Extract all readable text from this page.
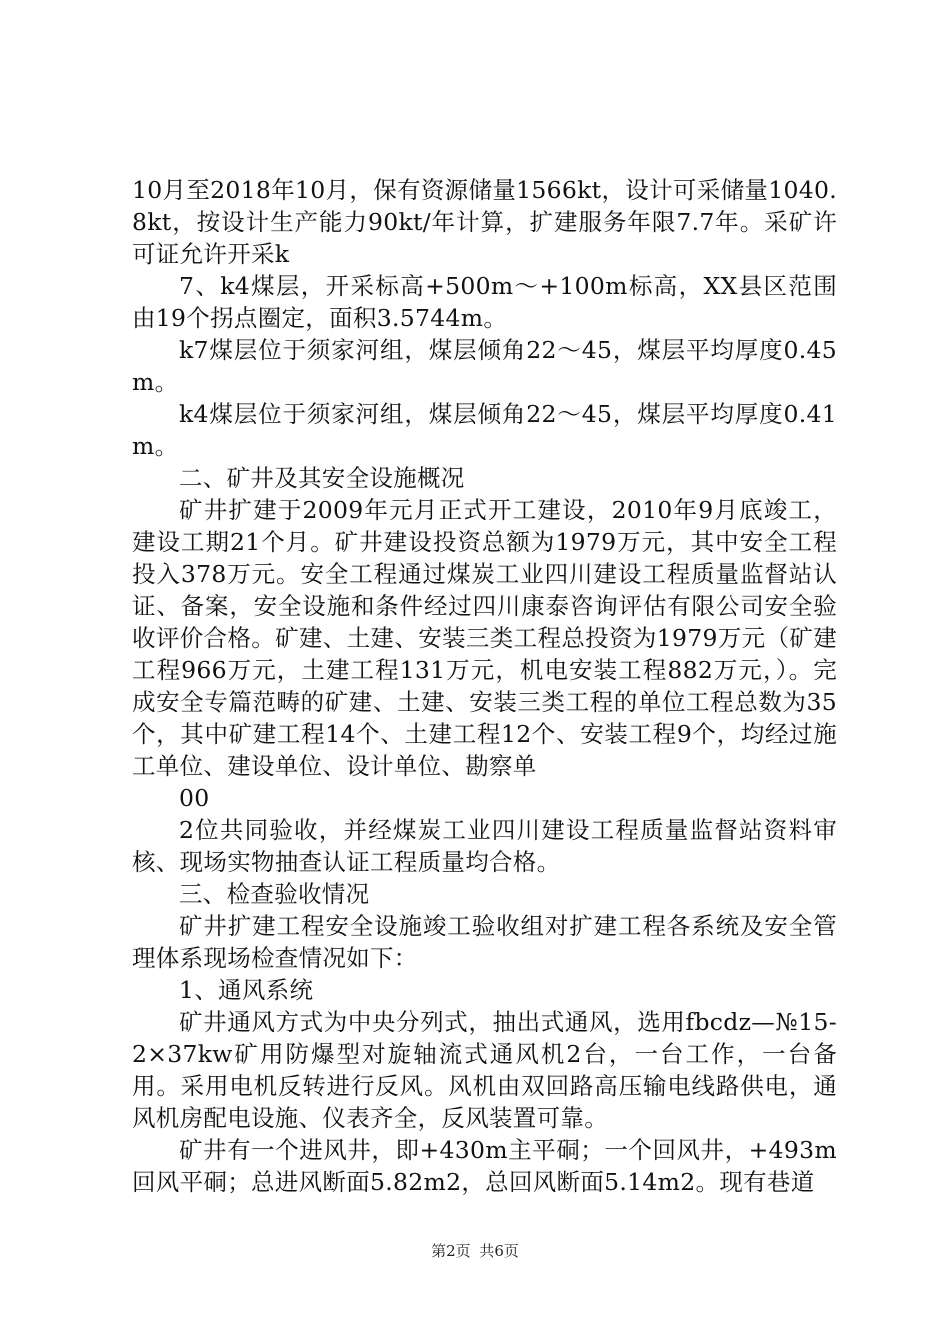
10月至2018年10月，保有资源储量1566kt，设计可采储量1040.8kt，按设计生产能力90kt/年计算，扩建服务年限7.7年。采矿许可证允许开采k

7、k4煤层，开采标高+500m～+100m标高，XX县区范围由19个拐点圈定，面积3.5744m。

k7煤层位于须家河组，煤层倾角22～45，煤层平均厚度0.45m。

k4煤层位于须家河组，煤层倾角22～45，煤层平均厚度0.41m。

二、矿井及其安全设施概况

矿井扩建于2009年元月正式开工建设，2010年9月底竣工，建设工期21个月。矿井建设投资总额为1979万元，其中安全工程投入378万元。安全工程通过煤炭工业四川建设工程质量监督站认证、备案，安全设施和条件经过四川康泰咨询评估有限公司安全验收评价合格。矿建、土建、安装三类工程总投资为1979万元（矿建工程966万元，土建工程131万元，机电安装工程882万元，）。完成安全专篇范畴的矿建、土建、安装三类工程的单位工程总数为35个，其中矿建工程14个、土建工程12个、安装工程9个，均经过施工单位、建设单位、设计单位、勘察单

00

2位共同验收，并经煤炭工业四川建设工程质量监督站资料审核、现场实物抽查认证工程质量均合格。

三、检查验收情况

矿井扩建工程安全设施竣工验收组对扩建工程各系统及安全管理体系现场检查情况如下：

1、通风系统

矿井通风方式为中央分列式，抽出式通风，选用fbcdz—№15-2×37kw矿用防爆型对旋轴流式通风机2台，一台工作，一台备用。采用电机反转进行反风。风机由双回路高压输电线路供电，通风机房配电设施、仪表齐全，反风装置可靠。

矿井有一个进风井，即+430m主平硐；一个回风井，+493m回风平硐；总进风断面5.82m2，总回风断面5.14m2。现有巷道

第2页 共6页
